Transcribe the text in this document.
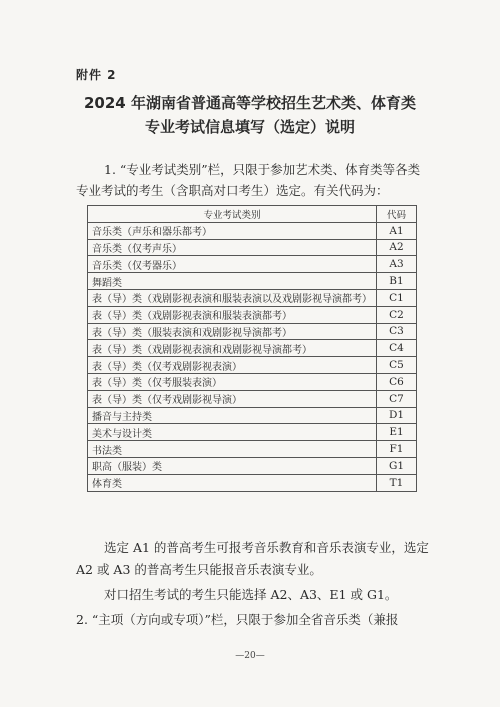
附件 2
2024 年湖南省普通高等学校招生艺术类、体育类
专业考试信息填写（选定）说明
1. “专业考试类别”栏，只限于参加艺术类、体育类等各类
专业考试的考生（含职高对口考生）选定。有关代码为：
专业考试类别	代码
音乐类（声乐和器乐都考）	A1
音乐类（仅考声乐）	A2
音乐类（仅考器乐）	A3
舞蹈类	B1
表（导）类（戏剧影视表演和服装表演以及戏剧影视导演都考）	C1
表（导）类（戏剧影视表演和服装表演都考）	C2
表（导）类（服装表演和戏剧影视导演都考）	C3
表（导）类（戏剧影视表演和戏剧影视导演都考）	C4
表（导）类（仅考戏剧影视表演）	C5
表（导）类（仅考服装表演）	C6
表（导）类（仅考戏剧影视导演）	C7
播音与主持类	D1
美术与设计类	E1
书法类	F1
职高（服装）类	G1
体育类	T1
选定 A1 的普高考生可报考音乐教育和音乐表演专业，选定
A2 或 A3 的普高考生只能报音乐表演专业。
对口招生考试的考生只能选择 A2、A3、E1 或 G1。
2. “主项（方向或专项）”栏，只限于参加全省音乐类（兼报
—20—
